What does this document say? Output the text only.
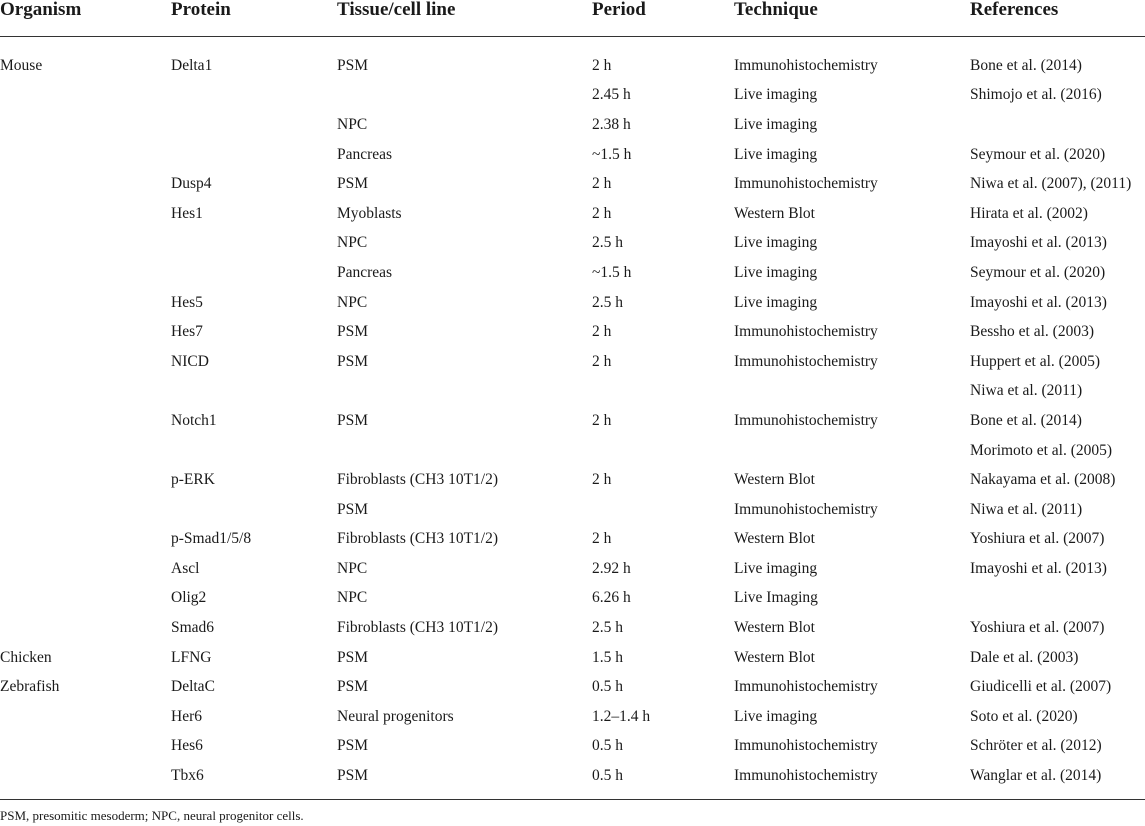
Organism	Protein	Tissue/cell line	Period	Technique	References

Mouse	Delta1	PSM	2 h	Immunohistochemistry	Bone et al. (2014)
			2.45 h	Live imaging	Shimojo et al. (2016)
		NPC	2.38 h	Live imaging	
		Pancreas	~1.5 h	Live imaging	Seymour et al. (2020)
	Dusp4	PSM	2 h	Immunohistochemistry	Niwa et al. (2007), (2011)
	Hes1	Myoblasts	2 h	Western Blot	Hirata et al. (2002)
		NPC	2.5 h	Live imaging	Imayoshi et al. (2013)
		Pancreas	~1.5 h	Live imaging	Seymour et al. (2020)
	Hes5	NPC	2.5 h	Live imaging	Imayoshi et al. (2013)
	Hes7	PSM	2 h	Immunohistochemistry	Bessho et al. (2003)
	NICD	PSM	2 h	Immunohistochemistry	Huppert et al. (2005)
					Niwa et al. (2011)
	Notch1	PSM	2 h	Immunohistochemistry	Bone et al. (2014)
					Morimoto et al. (2005)
	p-ERK	Fibroblasts (CH3 10T1/2)	2 h	Western Blot	Nakayama et al. (2008)
		PSM		Immunohistochemistry	Niwa et al. (2011)
	p-Smad1/5/8	Fibroblasts (CH3 10T1/2)	2 h	Western Blot	Yoshiura et al. (2007)
	Ascl	NPC	2.92 h	Live imaging	Imayoshi et al. (2013)
	Olig2	NPC	6.26 h	Live Imaging	
	Smad6	Fibroblasts (CH3 10T1/2)	2.5 h	Western Blot	Yoshiura et al. (2007)
Chicken	LFNG	PSM	1.5 h	Western Blot	Dale et al. (2003)
Zebrafish	DeltaC	PSM	0.5 h	Immunohistochemistry	Giudicelli et al. (2007)
	Her6	Neural progenitors	1.2–1.4 h	Live imaging	Soto et al. (2020)
	Hes6	PSM	0.5 h	Immunohistochemistry	Schröter et al. (2012)
	Tbx6	PSM	0.5 h	Immunohistochemistry	Wanglar et al. (2014)
PSM, presomitic mesoderm; NPC, neural progenitor cells.
